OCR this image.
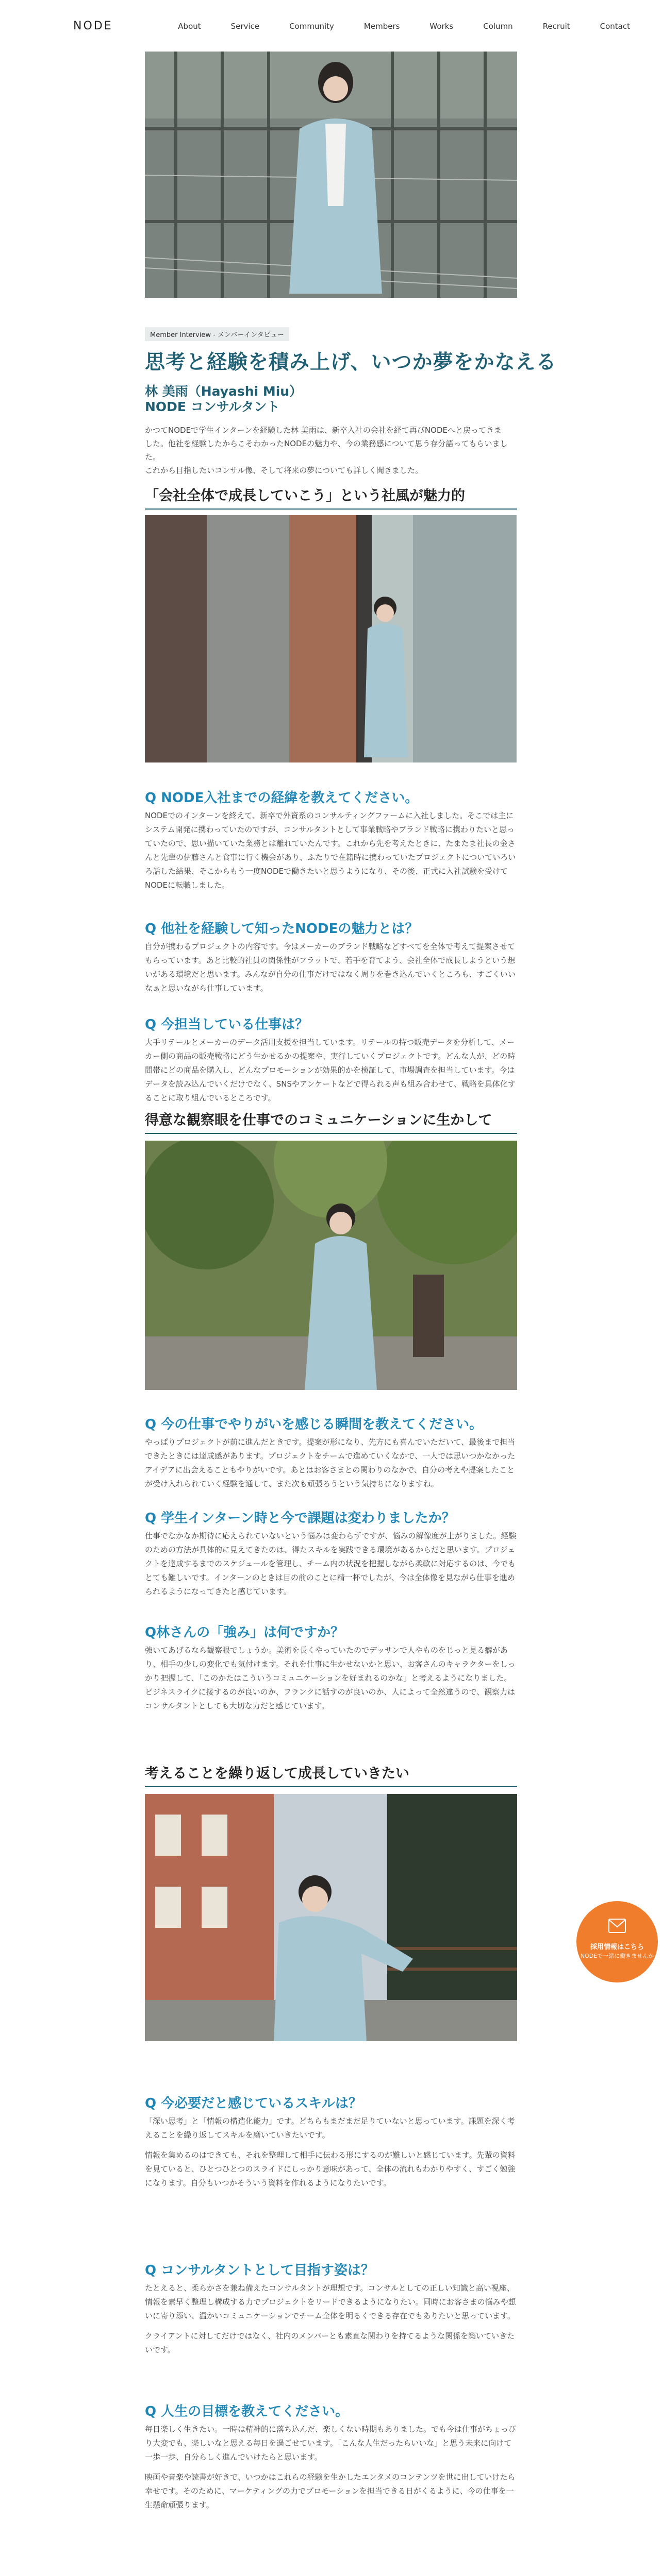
NODE	About	Service	Community	Members	Works	Column	Recruit	Contact
Member Interview - メンバーインタビュー
思考と経験を積み上げ、いつか夢をかなえる
林 美雨（Hayashi Miu）
NODE コンサルタント

かつてNODEで学生インターンを経験した林 美雨は、新卒入社の会社を経て再びNODEへと戻ってきま

した。他社を経験したからこそわかったNODEの魅力や、今の業務感について思う存分語ってもらいました。

これから目指したいコンサル像、そして将来の夢についても詳しく聞きました。

「会社全体で成長していこう」という社風が魅力的
Q NODE入社までの経緯を教えてください。

NODEでのインターンを終えて、新卒で外資系のコンサルティングファームに入社しました。そこでは主にシステム開発に携わっていたのですが、コンサルタントとして事業戦略やブランド戦略に携わりたいと思っていたので、思い描いていた業務とは離れていたんです。これから先を考えたときに、たまたま社長の金さんと先輩の伊藤さんと食事に行く機会があり、ふたりで在籍時に携わっていたプロジェクトについていろいろ話した結果、そこからもう一度NODEで働きたいと思うようになり、その後、正式に入社試験を受けてNODEに転職しました。

Q 他社を経験して知ったNODEの魅力とは？

自分が携わるプロジェクトの内容です。今はメーカーのブランド戦略などすべてを全体で考えて提案させてもらっています。あと比較的社員の関係性がフラットで、若手を育てよう、会社全体で成長しようという想いがある環境だと思います。みんなが自分の仕事だけではなく周りを巻き込んでいくところも、すごくいいなぁと思いながら仕事しています。

Q 今担当している仕事は？

大手リテールとメーカーのデータ活用支援を担当しています。リテールの持つ販売データを分析して、メーカー側の商品の販売戦略にどう生かせるかの提案や、実行していくプロジェクトです。どんな人が、どの時間帯にどの商品を購入し、どんなプロモーションが効果的かを検証して、市場調査を担当しています。今はデータを読み込んでいくだけでなく、SNSやアンケートなどで得られる声も組み合わせて、戦略を具体化することに取り組んでいるところです。

得意な観察眼を仕事でのコミュニケーションに生かして
Q 今の仕事でやりがいを感じる瞬間を教えてください。

やっぱりプロジェクトが前に進んだときです。提案が形になり、先方にも喜んでいただいて、最後まで担当できたときには達成感があります。プロジェクトをチームで進めていくなかで、一人では思いつかなかったアイデアに出会えることもやりがいです。あとはお客さまとの関わりのなかで、自分の考えや提案したことが受け入れられていく経験を通して、また次も頑張ろうという気持ちになりますね。

Q 学生インターン時と今で課題は変わりましたか？

仕事でなかなか期待に応えられていないという悩みは変わらずですが、悩みの解像度が上がりました。経験のための方法が具体的に見えてきたのは、得たスキルを実践できる環境があるからだと思います。プロジェクトを達成するまでのスケジュールを管理し、チーム内の状況を把握しながら柔軟に対応するのは、今でもとても難しいです。インターンのときは目の前のことに精一杯でしたが、今は全体像を見ながら仕事を進められるようになってきたと感じています。

Q林さんの「強み」は何ですか？

強いてあげるなら観察眼でしょうか。美術を長くやっていたのでデッサンで人やものをじっと見る癖があり、相手の少しの変化でも気付けます。それを仕事に生かせないかと思い、お客さんのキャラクターをしっかり把握して、「このかたはこういうコミュニケーションを好まれるのかな」と考えるようになりました。ビジネスライクに接するのが良いのか、フランクに話すのが良いのか、人によって全然違うので、観察力はコンサルタントとしても大切な力だと感じています。

考えることを繰り返して成長していきたい
Q 今必要だと感じているスキルは？

「深い思考」と「情報の構造化能力」です。どちらもまだまだ足りていないと思っています。課題を深く考えることを繰り返してスキルを磨いていきたいです。

情報を集めるのはできても、それを整理して相手に伝わる形にするのが難しいと感じています。先輩の資料を見ていると、ひとつひとつのスライドにしっかり意味があって、全体の流れもわかりやすく、すごく勉強になります。自分もいつかそういう資料を作れるようになりたいです。

Q コンサルタントとして目指す姿は？

たとえると、柔らかさを兼ね備えたコンサルタントが理想です。コンサルとしての正しい知識と高い視座、情報を素早く整理し構成する力でプロジェクトをリードできるようになりたい。同時にお客さまの悩みや想いに寄り添い、温かいコミュニケーションでチーム全体を明るくできる存在でもありたいと思っています。

クライアントに対してだけではなく、社内のメンバーとも素直な関わりを持てるような関係を築いていきたいです。

Q 人生の目標を教えてください。

毎日楽しく生きたい。一時は精神的に落ち込んだ、楽しくない時期もありました。でも今は仕事がちょっぴり大変でも、楽しいなと思える毎日を過ごせています。「こんな人生だったらいいな」と思う未来に向けて一歩一歩、自分らしく進んでいけたらと思います。

映画や音楽や読書が好きで、いつかはこれらの経験を生かしたエンタメのコンテンツを世に出していけたら幸せです。そのために、マーケティングの力でプロモーションを担当できる日がくるように、今の仕事を一生懸命頑張ります。

採用情報はこちら
NODEで一緒に働きませんか
